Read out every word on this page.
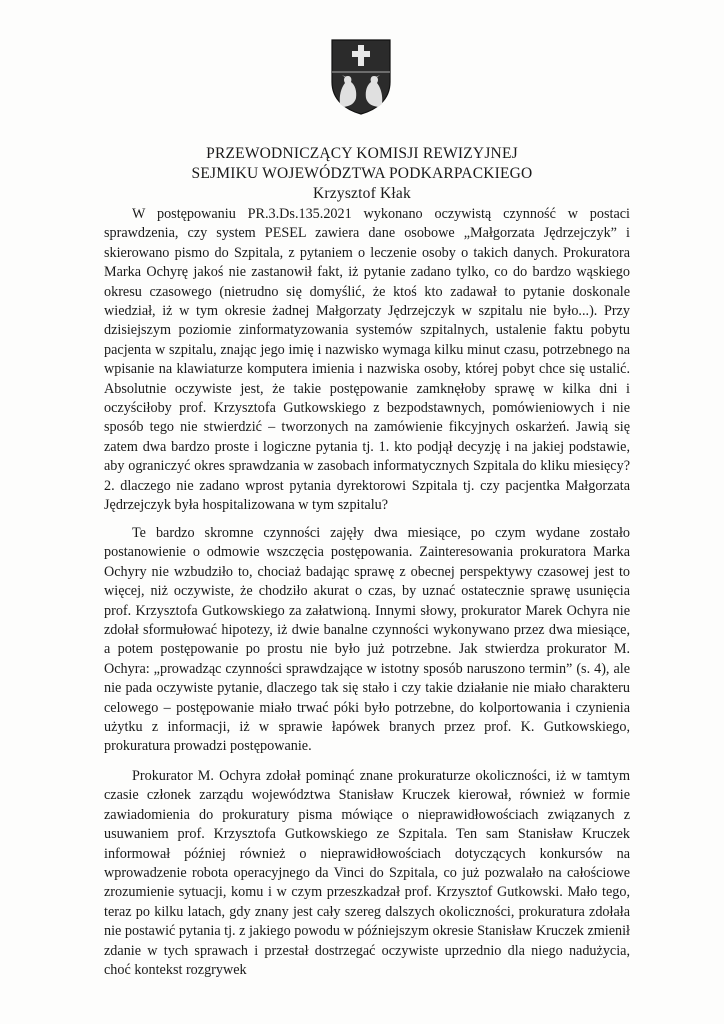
PRZEWODNICZĄCY KOMISJI REWIZYJNEJ
SEJMIKU WOJEWÓDZTWA PODKARPACKIEGO
Krzysztof Kłak

W postępowaniu PR.3.Ds.135.2021 wykonano oczywistą czynność w postaci sprawdzenia, czy system PESEL zawiera dane osobowe „Małgorzata Jędrzejczyk” i skierowano pismo do Szpitala, z pytaniem o leczenie osoby o takich danych. Prokuratora Marka Ochyrę jakoś nie zastanowił fakt, iż pytanie zadano tylko, co do bardzo wąskiego okresu czasowego (nietrudno się domyślić, że ktoś kto zadawał to pytanie doskonale wiedział, iż w tym okresie żadnej Małgorzaty Jędrzejczyk w szpitalu nie było...). Przy dzisiejszym poziomie zinformatyzowania systemów szpitalnych, ustalenie faktu pobytu pacjenta w szpitalu, znając jego imię i nazwisko wymaga kilku minut czasu, potrzebnego na wpisanie na klawiaturze komputera imienia i nazwiska osoby, której pobyt chce się ustalić. Absolutnie oczywiste jest, że takie postępowanie zamknęłoby sprawę w kilka dni i oczyściłoby prof. Krzysztofa Gutkowskiego z bezpodstawnych, pomówieniowych i nie sposób tego nie stwierdzić – tworzonych na zamówienie fikcyjnych oskarżeń. Jawią się zatem dwa bardzo proste i logiczne pytania tj. 1. kto podjął decyzję i na jakiej podstawie, aby ograniczyć okres sprawdzania w zasobach informatycznych Szpitala do kliku miesięcy? 2. dlaczego nie zadano wprost pytania dyrektorowi Szpitala tj. czy pacjentka Małgorzata Jędrzejczyk była hospitalizowana w tym szpitalu?

Te bardzo skromne czynności zajęły dwa miesiące, po czym wydane zostało postanowienie o odmowie wszczęcia postępowania. Zainteresowania prokuratora Marka Ochyry nie wzbudziło to, chociaż badając sprawę z obecnej perspektywy czasowej jest to więcej, niż oczywiste, że chodziło akurat o czas, by uznać ostatecznie sprawę usunięcia prof. Krzysztofa Gutkowskiego za załatwioną. Innymi słowy, prokurator Marek Ochyra nie zdołał sformułować hipotezy, iż dwie banalne czynności wykonywano przez dwa miesiące, a potem postępowanie po prostu nie było już potrzebne. Jak stwierdza prokurator M. Ochyra: „prowadząc czynności sprawdzające w istotny sposób naruszono termin” (s. 4), ale nie pada oczywiste pytanie, dlaczego tak się stało i czy takie działanie nie miało charakteru celowego – postępowanie miało trwać póki było potrzebne, do kolportowania i czynienia użytku z informacji, iż w sprawie łapówek branych przez prof. K. Gutkowskiego, prokuratura prowadzi postępowanie.

Prokurator M. Ochyra zdołał pominąć znane prokuraturze okoliczności, iż w tamtym czasie członek zarządu województwa Stanisław Kruczek kierował, również w formie zawiadomienia do prokuratury pisma mówiące o nieprawidłowościach związanych z usuwaniem prof. Krzysztofa Gutkowskiego ze Szpitala. Ten sam Stanisław Kruczek informował później również o nieprawidłowościach dotyczących konkursów na wprowadzenie robota operacyjnego da Vinci do Szpitala, co już pozwalało na całościowe zrozumienie sytuacji, komu i w czym przeszkadzał prof. Krzysztof Gutkowski. Mało tego, teraz po kilku latach, gdy znany jest cały szereg dalszych okoliczności, prokuratura zdołała nie postawić pytania tj. z jakiego powodu w późniejszym okresie Stanisław Kruczek zmienił zdanie w tych sprawach i przestał dostrzegać oczywiste uprzednio dla niego nadużycia, choć kontekst rozgrywek
